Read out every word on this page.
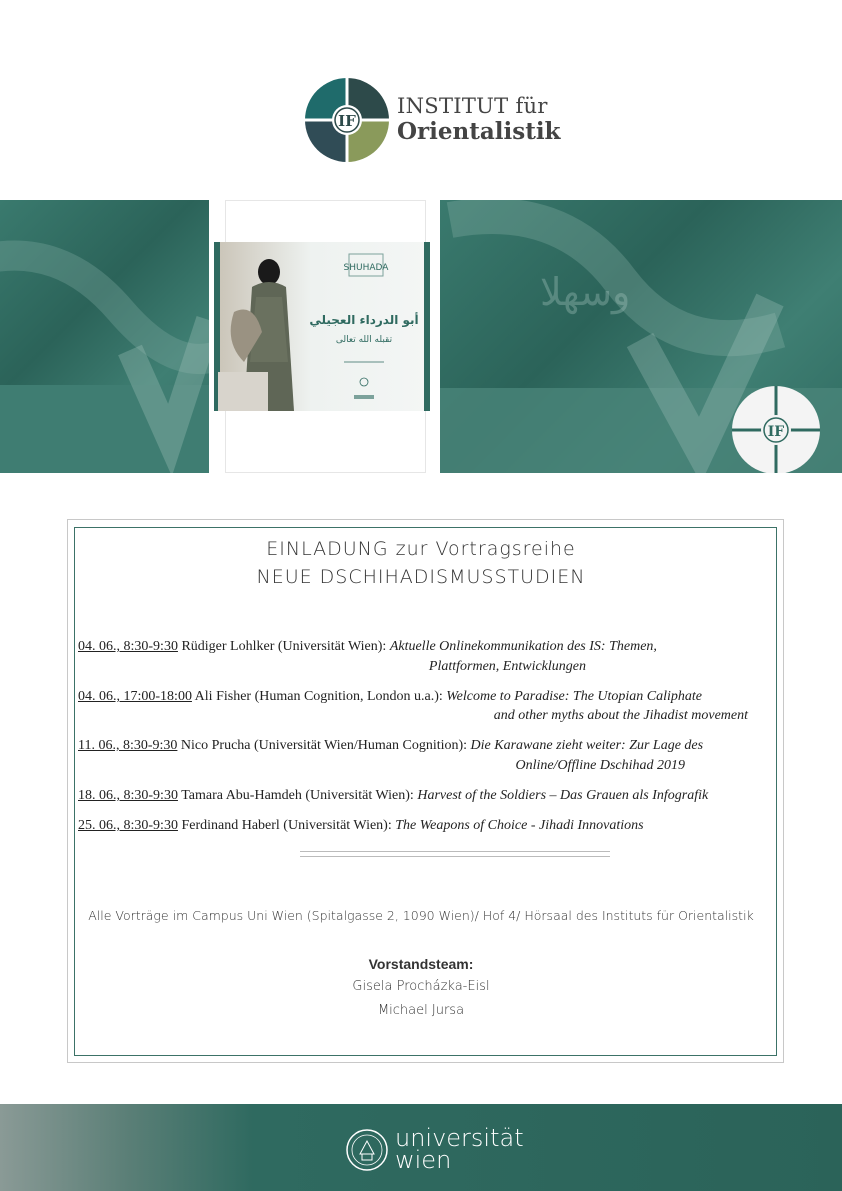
IF
INSTITUT für
Orientalistik
SHUHADA
أبو الدرداء العجيلي
تقبله الله تعالى
وسهلا
IF
EINLADUNG zur Vortragsreihe
NEUE DSCHIHADISMUSSTUDIEN
04. 06., 8:30-9:30 Rüdiger Lohlker (Universität Wien): Aktuelle Onlinekommunikation des IS: Themen,
Plattformen, Entwicklungen
04. 06., 17:00-18:00 Ali Fisher (Human Cognition, London u.a.): Welcome to Paradise: The Utopian Caliphate
and other myths about the Jihadist movement
11. 06., 8:30-9:30 Nico Prucha (Universität Wien/Human Cognition): Die Karawane zieht weiter: Zur Lage des
Online/Offline Dschihad 2019
18. 06., 8:30-9:30 Tamara Abu-Hamdeh (Universität Wien): Harvest of the Soldiers – Das Grauen als Infografik
25. 06., 8:30-9:30 Ferdinand Haberl (Universität Wien): The Weapons of Choice - Jihadi Innovations
Alle Vorträge im Campus Uni Wien (Spitalgasse 2, 1090 Wien)/ Hof 4/ Hörsaal des Instituts für Orientalistik
Vorstandsteam:
Gisela Procházka-Eisl
Michael Jursa
universität
wien
